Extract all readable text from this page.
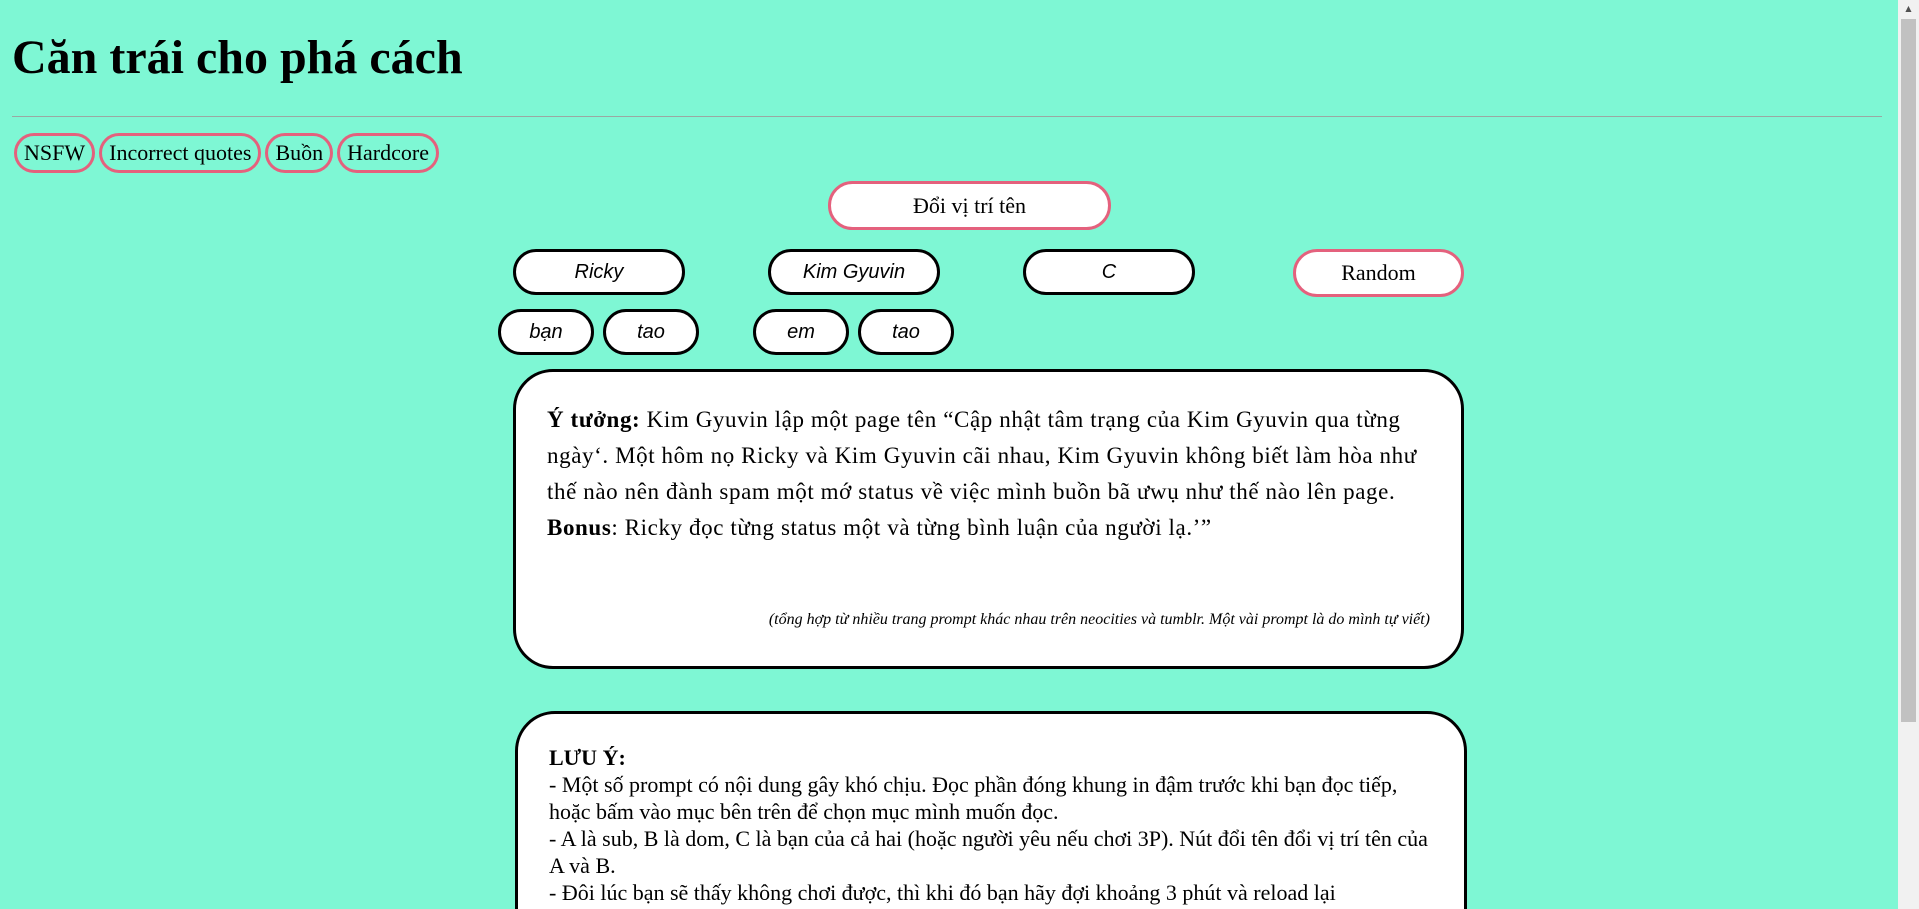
Căn trái cho phá cách
NSFW	Incorrect quotes	Buồn	Hardcore
Đổi vị trí tên
Ricky	Kim Gyuvin	C	Random
bạn	tao	em	tao
Ý tưởng: Kim Gyuvin lập một page tên “Cập nhật tâm trạng của Kim Gyuvin qua từng ngày‘. Một hôm nọ Ricky và Kim Gyuvin cãi nhau, Kim Gyuvin không biết làm hòa như thế nào nên đành spam một mớ status về việc mình buồn bã ưwụ như thế nào lên page.
Bonus: Ricky đọc từng status một và từng bình luận của người lạ.’”
(tổng hợp từ nhiều trang prompt khác nhau trên neocities và tumblr. Một vài prompt là do mình tự viết)
LƯU Ý:
- Một số prompt có nội dung gây khó chịu. Đọc phần đóng khung in đậm trước khi bạn đọc tiếp, hoặc bấm vào mục bên trên để chọn mục mình muốn đọc.
- A là sub, B là dom, C là bạn của cả hai (hoặc người yêu nếu chơi 3P). Nút đổi tên đổi vị trí tên của A và B.
- Đôi lúc bạn sẽ thấy không chơi được, thì khi đó bạn hãy đợi khoảng 3 phút và reload lại
▲
